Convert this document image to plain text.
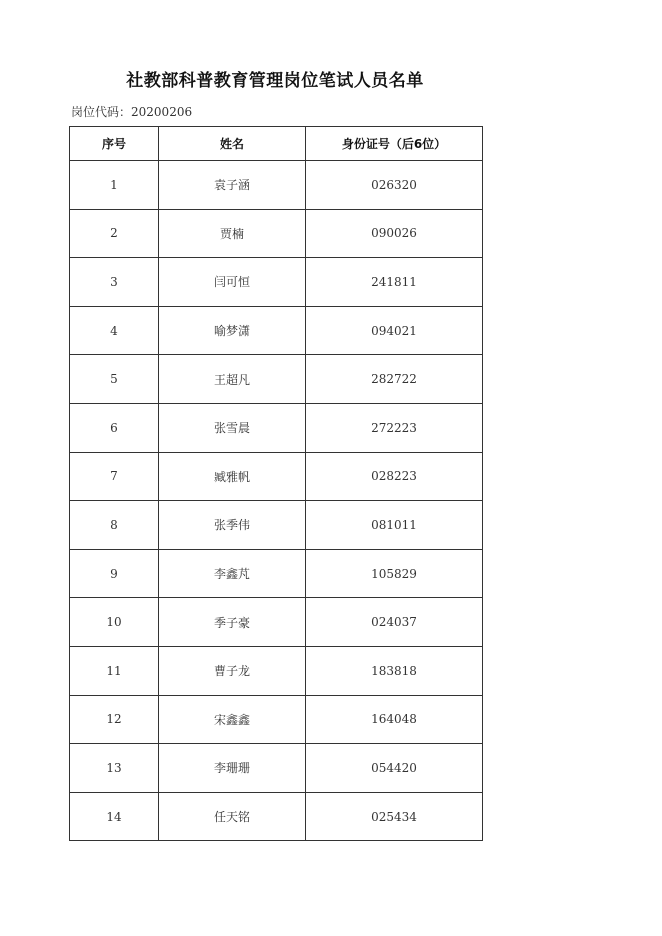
社教部科普教育管理岗位笔试人员名单
岗位代码：20200206
序号	姓名	身份证号（后6位）
1	袁子涵	026320
2	贾楠	090026
3	闫可恒	241811
4	喻梦潇	094021
5	王超凡	282722
6	张雪晨	272223
7	臧雅帆	028223
8	张季伟	081011
9	李鑫芃	105829
10	季子豪	024037
11	曹子龙	183818
12	宋鑫鑫	164048
13	李珊珊	054420
14	任天铭	025434
